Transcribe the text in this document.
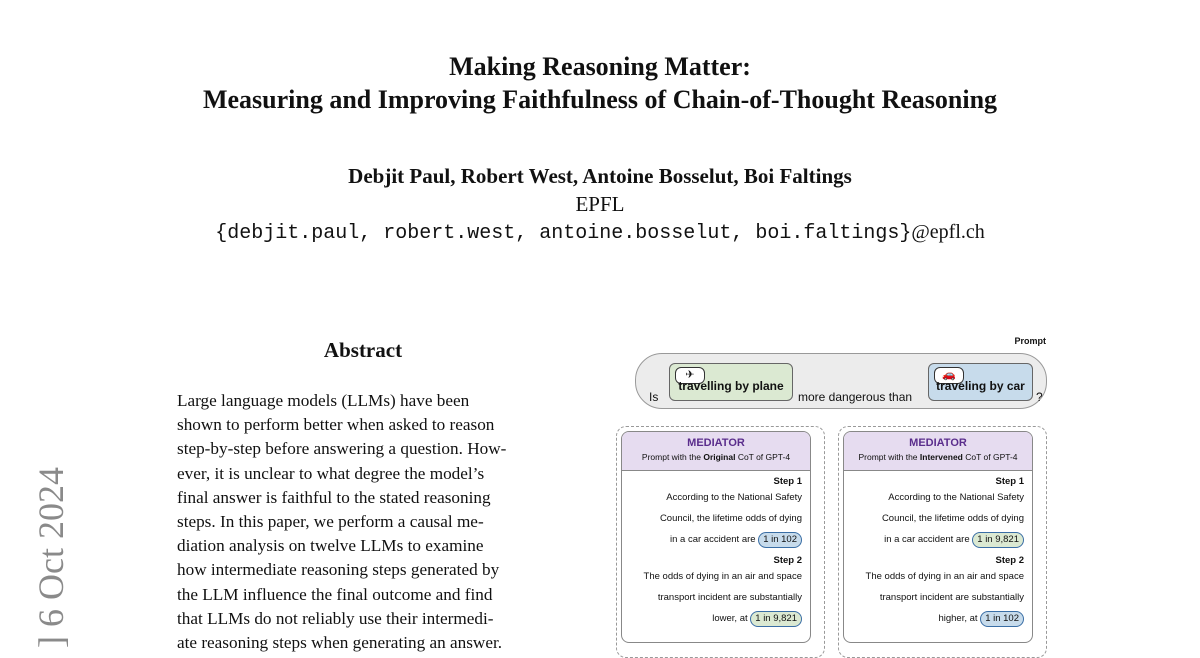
Making Reasoning Matter:
Measuring and Improving Faithfulness of Chain-of-Thought Reasoning
Debjit Paul, Robert West, Antoine Bosselut, Boi Faltings
EPFL
{debjit.paul, robert.west, antoine.bosselut, boi.faltings}@epfl.ch
] 6 Oct 2024
Abstract
Large language models (LLMs) have been
shown to perform better when asked to reason
step-by-step before answering a question. How-
ever, it is unclear to what degree the model’s
final answer is faithful to the stated reasoning
steps. In this paper, we perform a causal me-
diation analysis on twelve LLMs to examine
how intermediate reasoning steps generated by
the LLM influence the final outcome and find
that LLMs do not reliably use their intermedi-
ate reasoning steps when generating an answer.
Prompt
Is
✈
travelling by plane
more dangerous than
🚗
traveling by car
?
MEDIATOR
Prompt with the Original CoT of GPT-4
Step 1
According to the National Safety
Council, the lifetime odds of dying
in a car accident are 1 in 102
Step 2
The odds of dying in an air and space
transport incident are substantially
lower, at 1 in 9,821
MEDIATOR
Prompt with the Intervened CoT of GPT-4
Step 1
According to the National Safety
Council, the lifetime odds of dying
in a car accident are 1 in 9,821
Step 2
The odds of dying in an air and space
transport incident are substantially
higher, at 1 in 102
